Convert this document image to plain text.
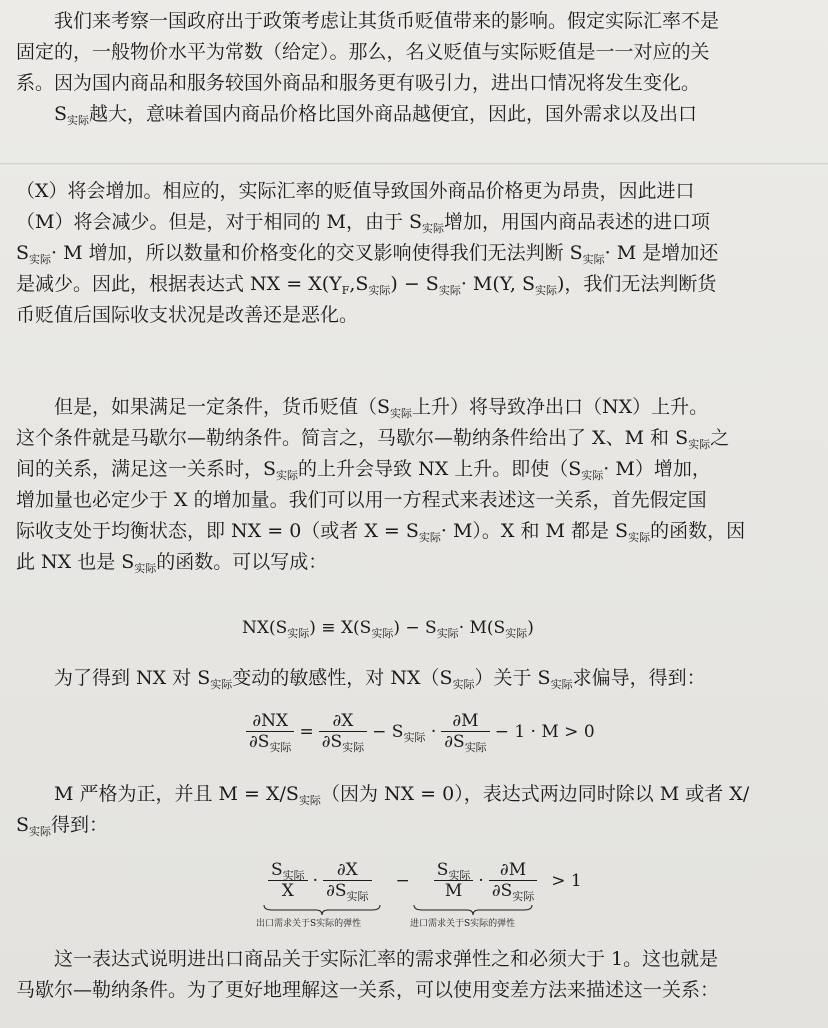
我们来考察一国政府出于政策考虑让其货币贬值带来的影响。假定实际汇率不是
固定的，一般物价水平为常数（给定）。那么，名义贬值与实际贬值是一一对应的关
系。因为国内商品和服务较国外商品和服务更有吸引力，进出口情况将发生变化。
$S_{实际}$越大，意味着国内商品价格比国外商品越便宜，因此，国外需求以及出口
（X）将会增加。相应的，实际汇率的贬值导致国外商品价格更为昂贵，因此进口
（M）将会减少。但是，对于相同的 M，由于 $S_{实际}$增加，用国内商品表述的进口项
$S_{实际}\cdot M$ 增加，所以数量和价格变化的交叉影响使得我们无法判断 $S_{实际}\cdot M$ 是增加还
是减少。因此，根据表达式 NX = $X(Y_F,S_{实际}) - S_{实际}\cdot M(Y$, $S_{实际}$)，我们无法判断货
币贬值后国际收支状况是改善还是恶化。
但是，如果满足一定条件，货币贬值（$S_{实际}$上升）将导致净出口（NX）上升。
这个条件就是马歇尔—勒纳条件。简言之，马歇尔—勒纳条件给出了 X、M 和 $S_{实际}$之
间的关系，满足这一关系时，$S_{实际}$的上升会导致 NX 上升。即使$(S_{实际}\cdot M)$增加，
增加量也必定少于 X 的增加量。我们可以用一方程式来表述这一关系，首先假定国
际收支处于均衡状态，即 NX = 0（或者 $X = S_{实际}\cdot M$）。X 和 M 都是 $S_{实际}$的函数，因
此 NX 也是 $S_{实际}$的函数。可以写成：
$NX(S_{实际}) \equiv X(S_{实际}) - S_{实际}\cdot M(S_{实际})$
为了得到 NX 对 $S_{实际}$变动的敏感性，对 $NX(S_{实际})$关于 $S_{实际}$求偏导，得到：
$\frac{\partial NX}{\partial S_{实际}} = \frac{\partial X}{\partial S_{实际}} - S_{实际} \cdot \frac{\partial M}{\partial S_{实际}} - 1 \cdot M > 0$
M 严格为正，并且 $M = X/S_{实际}$（因为 NX = 0），表达式两边同时除以 M 或者 X/
$S_{实际}$得到：
$\frac{S_{实际}}{X} \cdot \frac{\partial X}{\partial S_{实际}} - \frac{S_{实际}}{M} \cdot \frac{\partial M}{\partial S_{实际}} > 1$
出口需求关于S实际的弹性	进口需求关于S实际的弹性
这一表达式说明进出口商品关于实际汇率的需求弹性之和必须大于 1。这也就是
马歇尔—勒纳条件。为了更好地理解这一关系，可以使用变差方法来描述这一关系：
